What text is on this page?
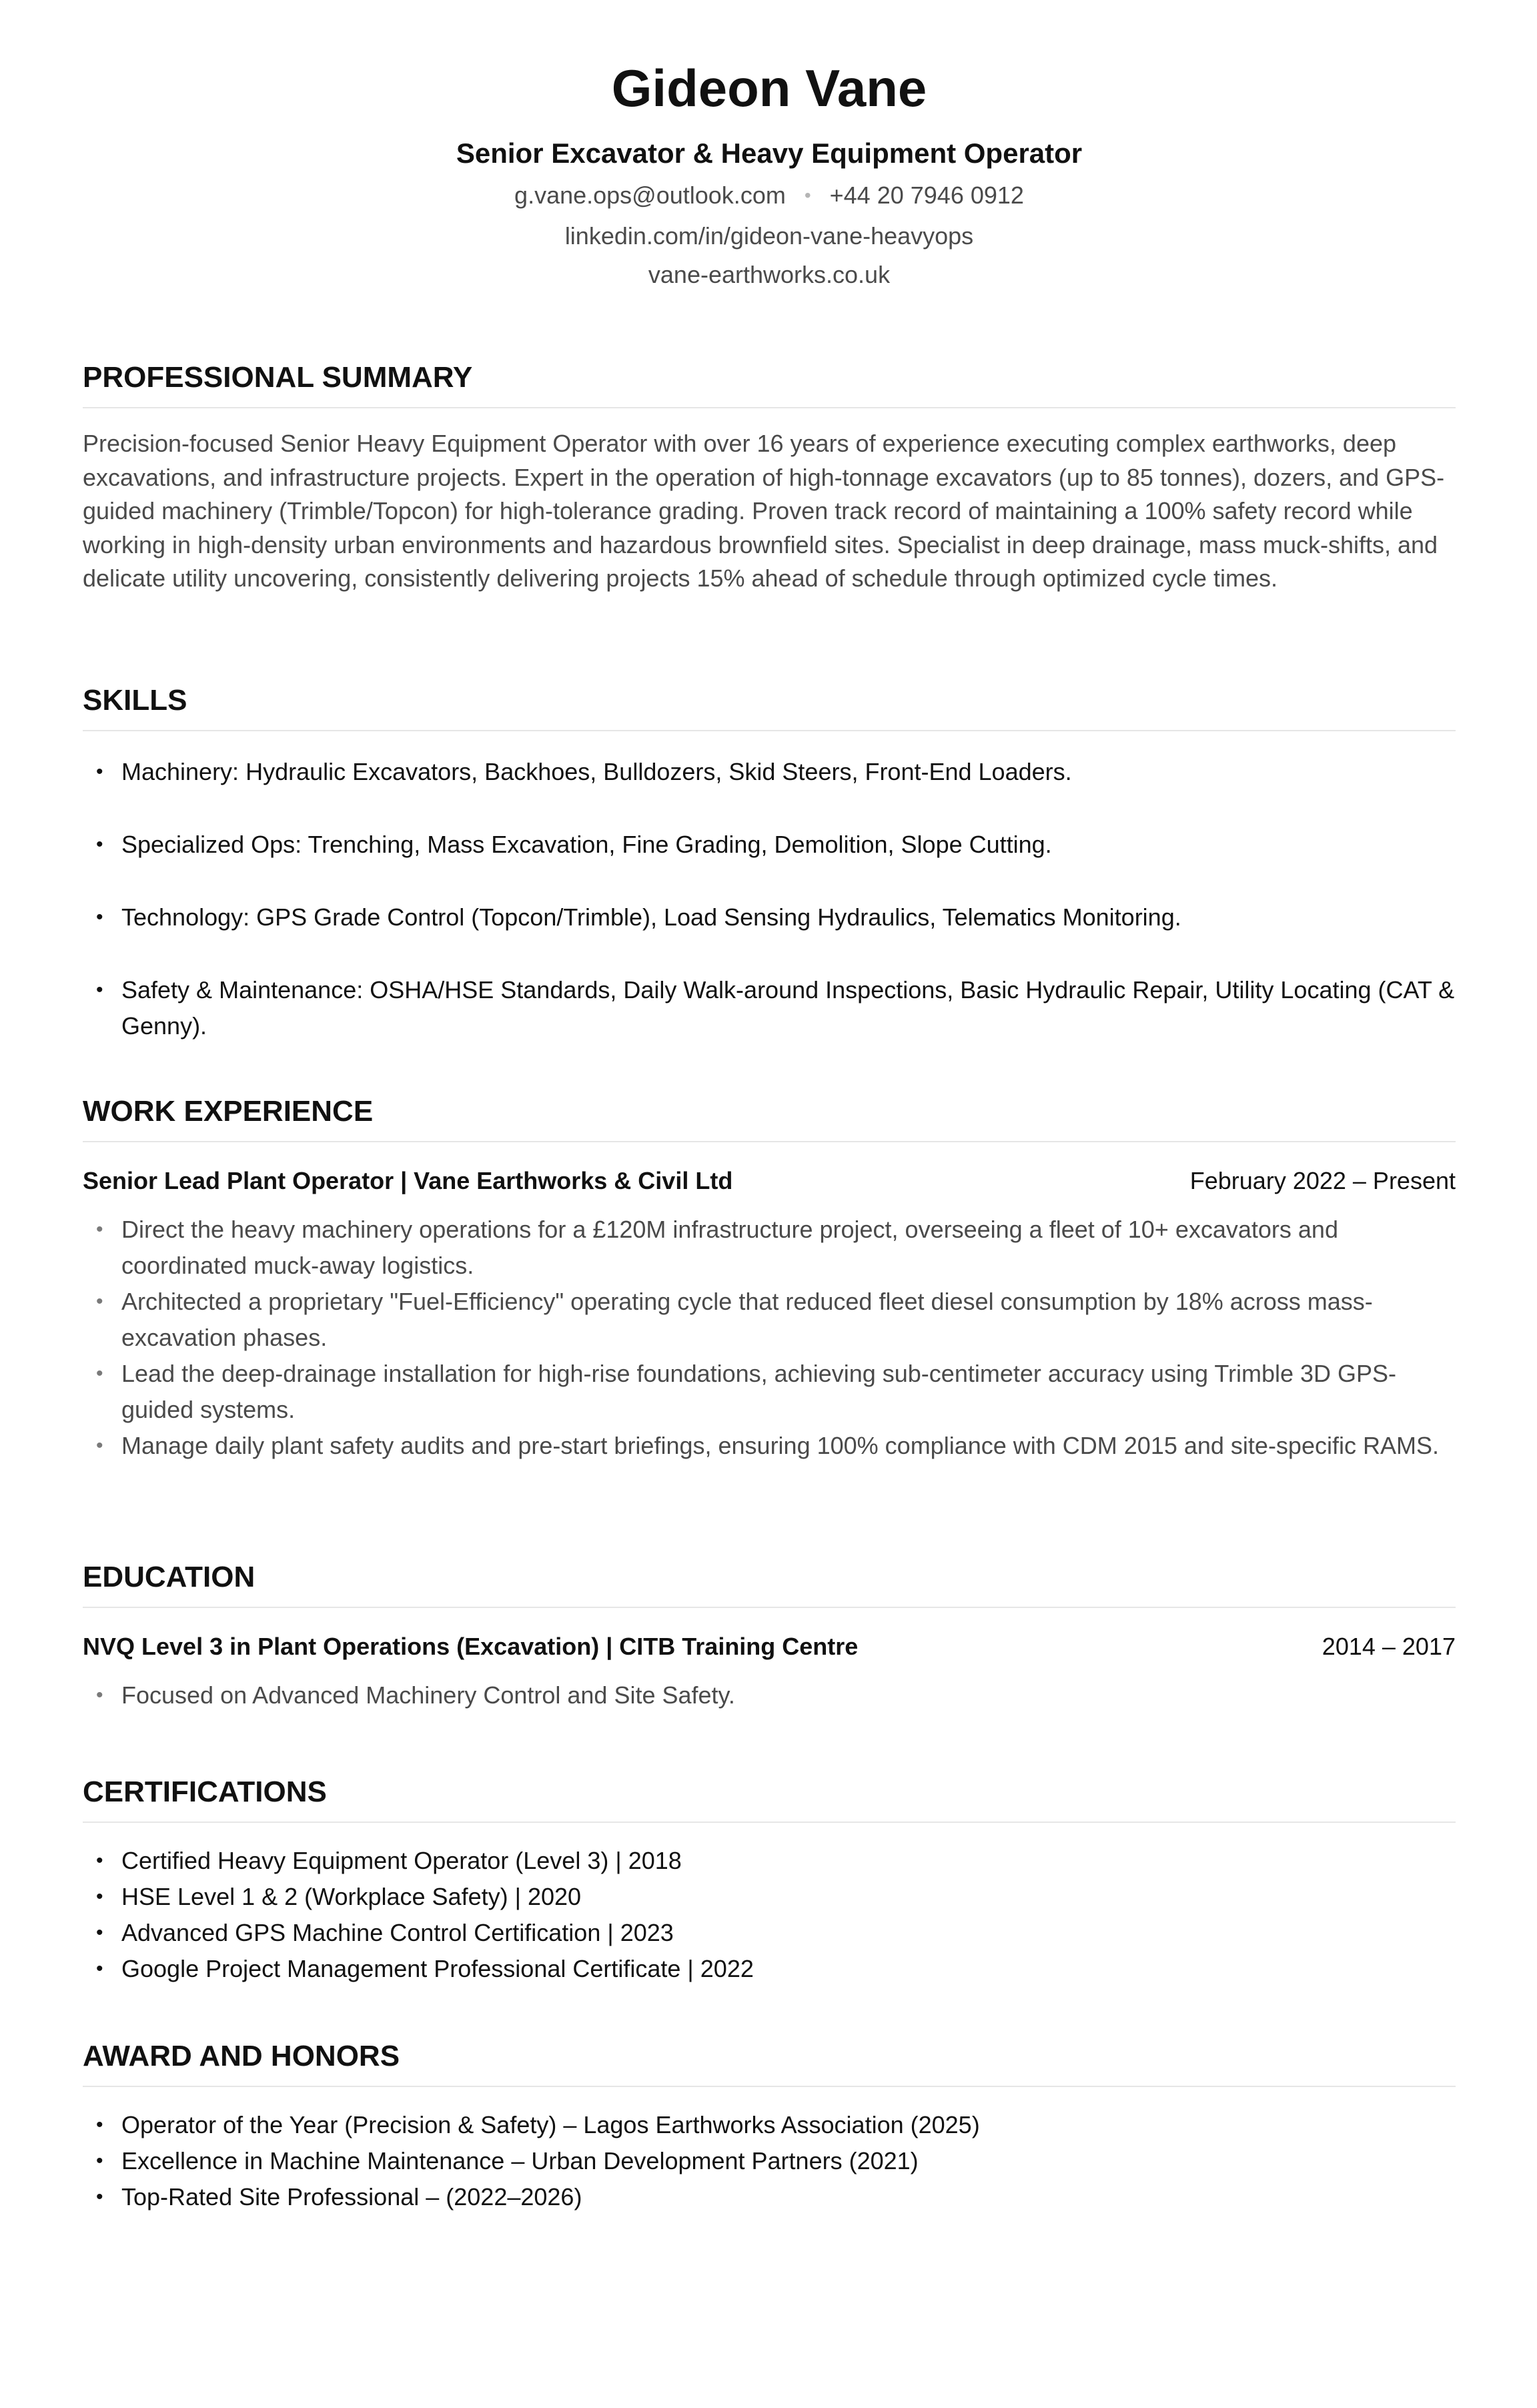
Gideon Vane
Senior Excavator & Heavy Equipment Operator
g.vane.ops@outlook.com • +44 20 7946 0912
linkedin.com/in/gideon-vane-heavyops
vane-earthworks.co.uk
PROFESSIONAL SUMMARY
Precision-focused Senior Heavy Equipment Operator with over 16 years of experience executing complex earthworks, deep excavations, and infrastructure projects. Expert in the operation of high-tonnage excavators (up to 85 tonnes), dozers, and GPS-guided machinery (Trimble/Topcon) for high-tolerance grading. Proven track record of maintaining a 100% safety record while working in high-density urban environments and hazardous brownfield sites. Specialist in deep drainage, mass muck-shifts, and delicate utility uncovering, consistently delivering projects 15% ahead of schedule through optimized cycle times.
SKILLS
• Machinery: Hydraulic Excavators, Backhoes, Bulldozers, Skid Steers, Front-End Loaders.
• Specialized Ops: Trenching, Mass Excavation, Fine Grading, Demolition, Slope Cutting.
• Technology: GPS Grade Control (Topcon/Trimble), Load Sensing Hydraulics, Telematics Monitoring.
• Safety & Maintenance: OSHA/HSE Standards, Daily Walk-around Inspections, Basic Hydraulic Repair, Utility Locating (CAT & Genny).
WORK EXPERIENCE
Senior Lead Plant Operator | Vane Earthworks & Civil Ltd	February 2022 – Present
• Direct the heavy machinery operations for a £120M infrastructure project, overseeing a fleet of 10+ excavators and coordinated muck-away logistics.
• Architected a proprietary "Fuel-Efficiency" operating cycle that reduced fleet diesel consumption by 18% across mass-excavation phases.
• Lead the deep-drainage installation for high-rise foundations, achieving sub-centimeter accuracy using Trimble 3D GPS-guided systems.
• Manage daily plant safety audits and pre-start briefings, ensuring 100% compliance with CDM 2015 and site-specific RAMS.
EDUCATION
NVQ Level 3 in Plant Operations (Excavation) | CITB Training Centre	2014 – 2017
• Focused on Advanced Machinery Control and Site Safety.
CERTIFICATIONS
• Certified Heavy Equipment Operator (Level 3) | 2018
• HSE Level 1 & 2 (Workplace Safety) | 2020
• Advanced GPS Machine Control Certification | 2023
• Google Project Management Professional Certificate | 2022
AWARD AND HONORS
• Operator of the Year (Precision & Safety) – Lagos Earthworks Association (2025)
• Excellence in Machine Maintenance – Urban Development Partners (2021)
• Top-Rated Site Professional – (2022–2026)
